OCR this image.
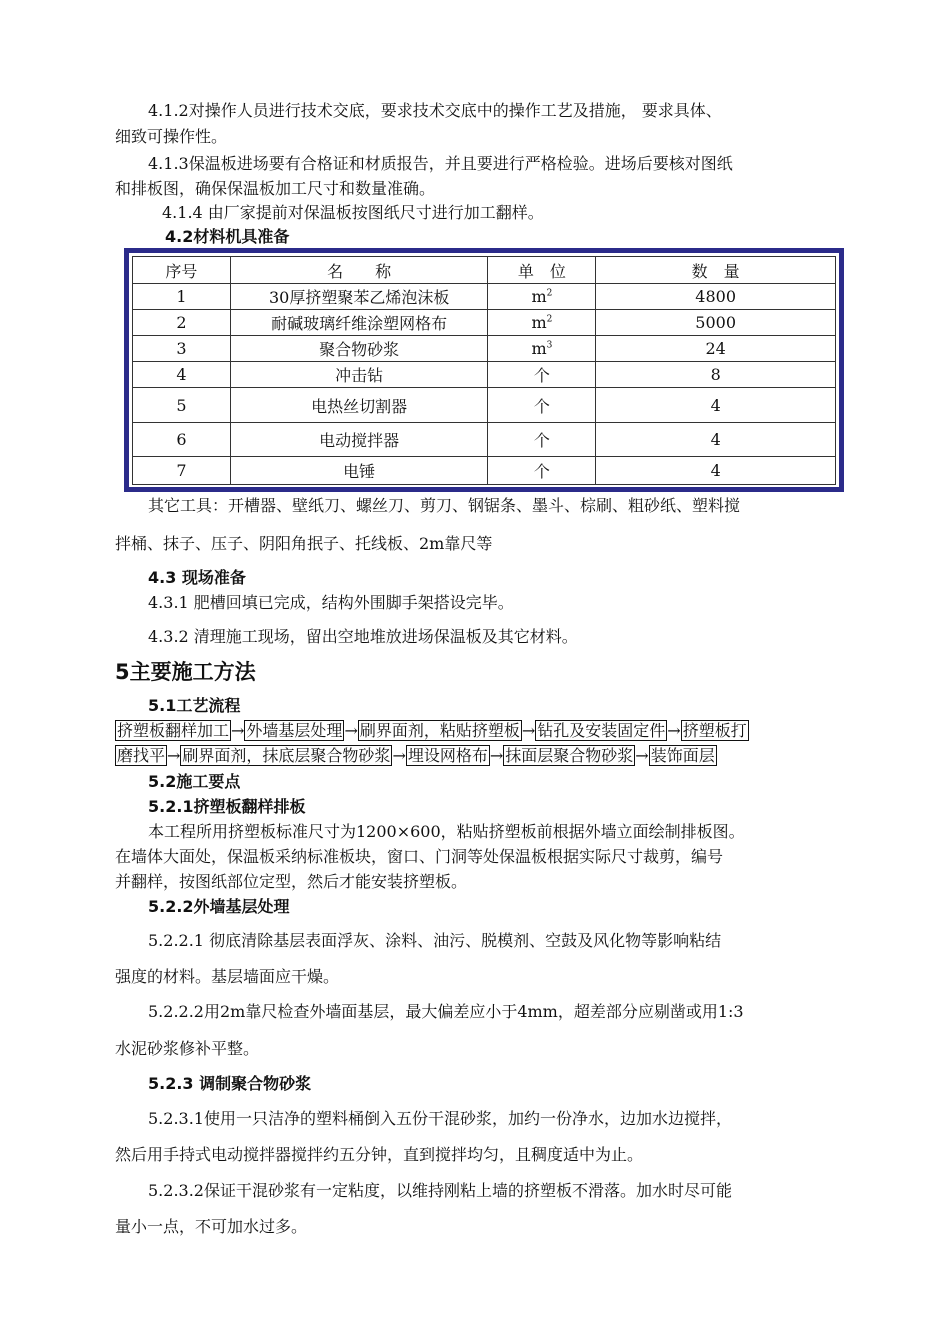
4.1.2对操作人员进行技术交底，要求技术交底中的操作工艺及措施， 要求具体、
细致可操作性。
4.1.3保温板进场要有合格证和材质报告，并且要进行严格检验。进场后要核对图纸
和排板图，确保保温板加工尺寸和数量准确。
4.1.4 由厂家提前对保温板按图纸尺寸进行加工翻样。
4.2材料机具准备
序号	名　　称	单　位	数　量
1	30厚挤塑聚苯乙烯泡沫板	$m^2$	4800
2	耐碱玻璃纤维涂塑网格布	$m^2$	5000
3	聚合物砂浆	$m^3$	24
4	冲击钻	个	8
5	电热丝切割器	个	4
6	电动搅拌器	个	4
7	电锤	个	4
其它工具：开槽器、壁纸刀、螺丝刀、剪刀、钢锯条、墨斗、棕刷、粗砂纸、塑料搅
拌桶、抹子、压子、阴阳角抿子、托线板、2m靠尺等
4.3 现场准备
4.3.1 肥槽回填已完成，结构外围脚手架搭设完毕。
4.3.2 清理施工现场，留出空地堆放进场保温板及其它材料。
5主要施工方法
5.1工艺流程
挤塑板翻样加工 → 外墙基层处理 → 刷界面剂，粘贴挤塑板 → 钻孔及安装固定件 → 挤塑板打
磨找平 → 刷界面剂，抹底层聚合物砂浆 → 埋设网格布 → 抹面层聚合物砂浆 → 装饰面层
5.2施工要点
5.2.1挤塑板翻样排板
本工程所用挤塑板标准尺寸为1200×600，粘贴挤塑板前根据外墙立面绘制排板图。
在墙体大面处，保温板采纳标准板块，窗口、门洞等处保温板根据实际尺寸裁剪，编号
并翻样，按图纸部位定型，然后才能安装挤塑板。
5.2.2外墙基层处理
5.2.2.1 彻底清除基层表面浮灰、涂料、油污、脱模剂、空鼓及风化物等影响粘结
强度的材料。基层墙面应干燥。
5.2.2.2用2m靠尺检查外墙面基层，最大偏差应小于4mm，超差部分应剔凿或用1:3
水泥砂浆修补平整。
5.2.3 调制聚合物砂浆
5.2.3.1使用一只洁净的塑料桶倒入五份干混砂浆，加约一份净水，边加水边搅拌，
然后用手持式电动搅拌器搅拌约五分钟，直到搅拌均匀，且稠度适中为止。
5.2.3.2保证干混砂浆有一定粘度，以维持刚粘上墙的挤塑板不滑落。加水时尽可能
量小一点，不可加水过多。
